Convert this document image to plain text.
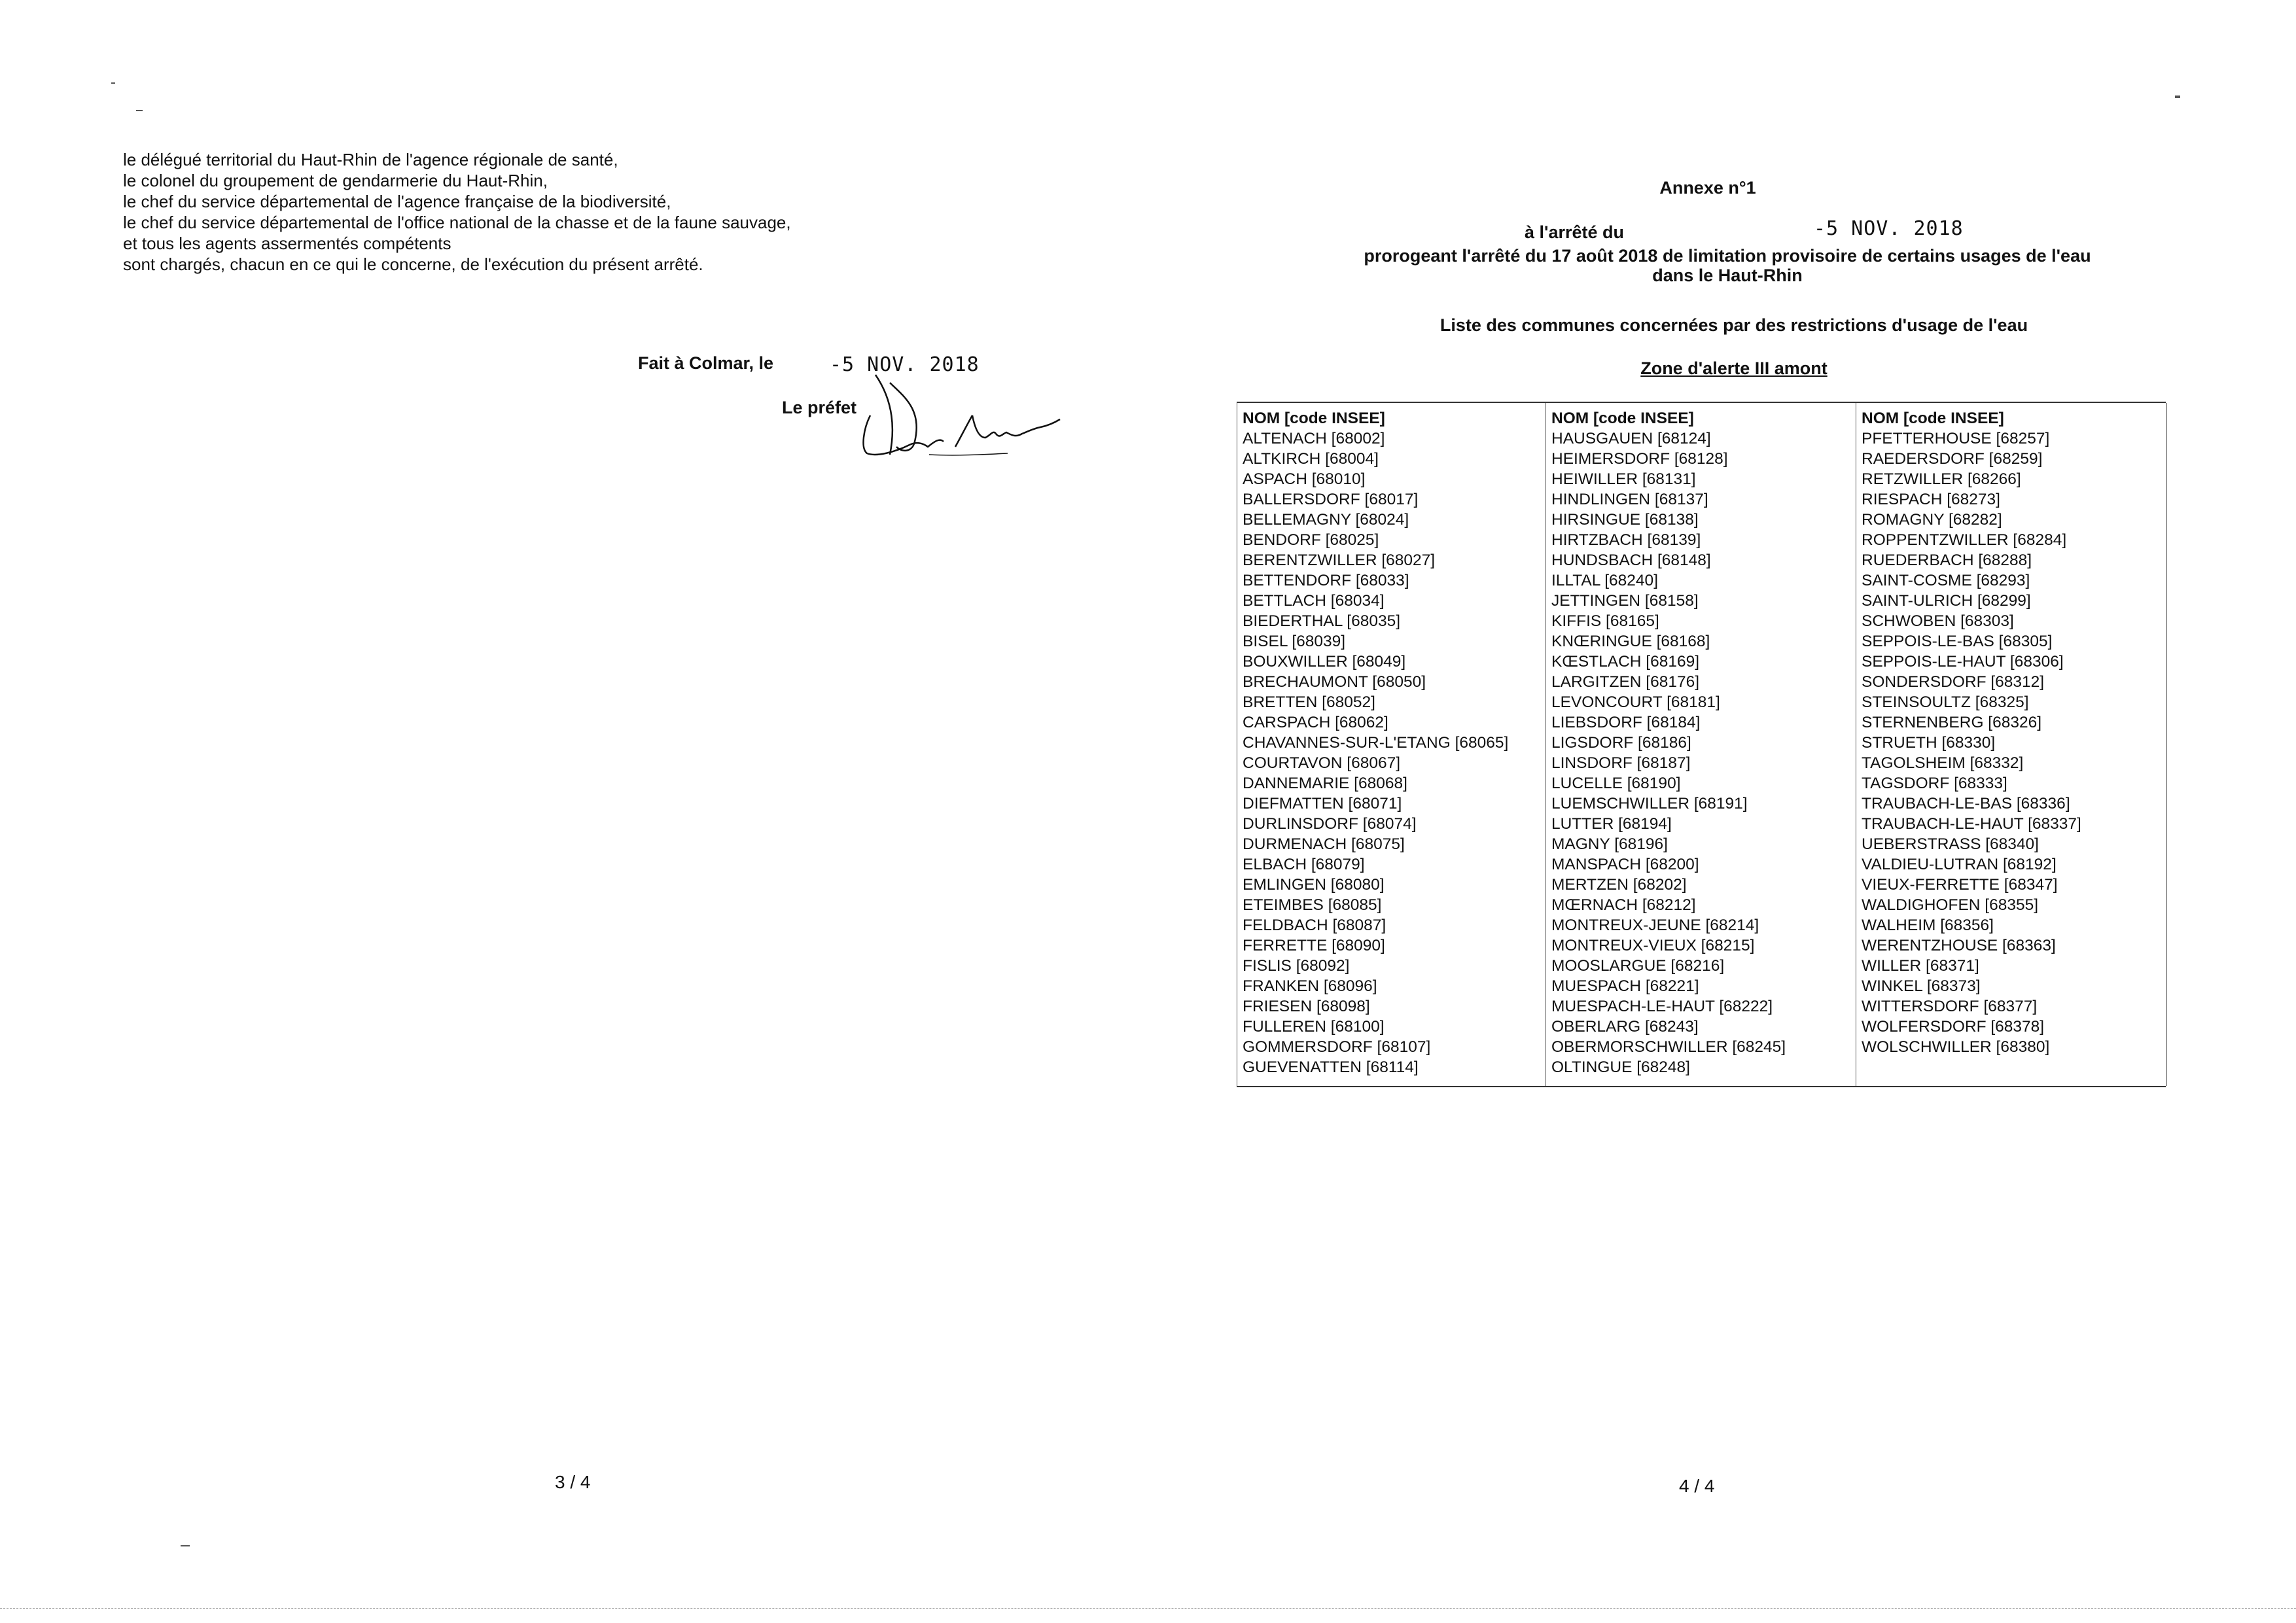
le délégué territorial du Haut-Rhin de l'agence régionale de santé,
le colonel du groupement de gendarmerie du Haut-Rhin,
le chef du service départemental de l'agence française de la biodiversité,
le chef du service départemental de l'office national de la chasse et de la faune sauvage,
et tous les agents assermentés compétents
sont chargés, chacun en ce qui le concerne, de l'exécution du présent arrêté.
Fait à Colmar, le	-5 NOV. 2018
Le préfet
3 / 4
Annexe n°1
à l'arrêté du	-5 NOV. 2018
prorogeant l'arrêté du 17 août 2018 de limitation provisoire de certains usages de l'eau
dans le Haut-Rhin
Liste des communes concernées par des restrictions d'usage de l'eau
Zone d'alerte III amont
NOM [code INSEE]
ALTENACH [68002]
ALTKIRCH [68004]
ASPACH [68010]
BALLERSDORF [68017]
BELLEMAGNY [68024]
BENDORF [68025]
BERENTZWILLER [68027]
BETTENDORF [68033]
BETTLACH [68034]
BIEDERTHAL [68035]
BISEL [68039]
BOUXWILLER [68049]
BRECHAUMONT [68050]
BRETTEN [68052]
CARSPACH [68062]
CHAVANNES-SUR-L'ETANG [68065]
COURTAVON [68067]
DANNEMARIE [68068]
DIEFMATTEN [68071]
DURLINSDORF [68074]
DURMENACH [68075]
ELBACH [68079]
EMLINGEN [68080]
ETEIMBES [68085]
FELDBACH [68087]
FERRETTE [68090]
FISLIS [68092]
FRANKEN [68096]
FRIESEN [68098]
FULLEREN [68100]
GOMMERSDORF [68107]
GUEVENATTEN [68114]
NOM [code INSEE]
HAUSGAUEN [68124]
HEIMERSDORF [68128]
HEIWILLER [68131]
HINDLINGEN [68137]
HIRSINGUE [68138]
HIRTZBACH [68139]
HUNDSBACH [68148]
ILLTAL [68240]
JETTINGEN [68158]
KIFFIS [68165]
KNŒRINGUE [68168]
KŒSTLACH [68169]
LARGITZEN [68176]
LEVONCOURT [68181]
LIEBSDORF [68184]
LIGSDORF [68186]
LINSDORF [68187]
LUCELLE [68190]
LUEMSCHWILLER [68191]
LUTTER [68194]
MAGNY [68196]
MANSPACH [68200]
MERTZEN [68202]
MŒRNACH [68212]
MONTREUX-JEUNE [68214]
MONTREUX-VIEUX [68215]
MOOSLARGUE [68216]
MUESPACH [68221]
MUESPACH-LE-HAUT [68222]
OBERLARG [68243]
OBERMORSCHWILLER [68245]
OLTINGUE [68248]
NOM [code INSEE]
PFETTERHOUSE [68257]
RAEDERSDORF [68259]
RETZWILLER [68266]
RIESPACH [68273]
ROMAGNY [68282]
ROPPENTZWILLER [68284]
RUEDERBACH [68288]
SAINT-COSME [68293]
SAINT-ULRICH [68299]
SCHWOBEN [68303]
SEPPOIS-LE-BAS [68305]
SEPPOIS-LE-HAUT [68306]
SONDERSDORF [68312]
STEINSOULTZ [68325]
STERNENBERG [68326]
STRUETH [68330]
TAGOLSHEIM [68332]
TAGSDORF [68333]
TRAUBACH-LE-BAS [68336]
TRAUBACH-LE-HAUT [68337]
UEBERSTRASS [68340]
VALDIEU-LUTRAN [68192]
VIEUX-FERRETTE [68347]
WALDIGHOFEN [68355]
WALHEIM [68356]
WERENTZHOUSE [68363]
WILLER [68371]
WINKEL [68373]
WITTERSDORF [68377]
WOLFERSDORF [68378]
WOLSCHWILLER [68380]
4 / 4
